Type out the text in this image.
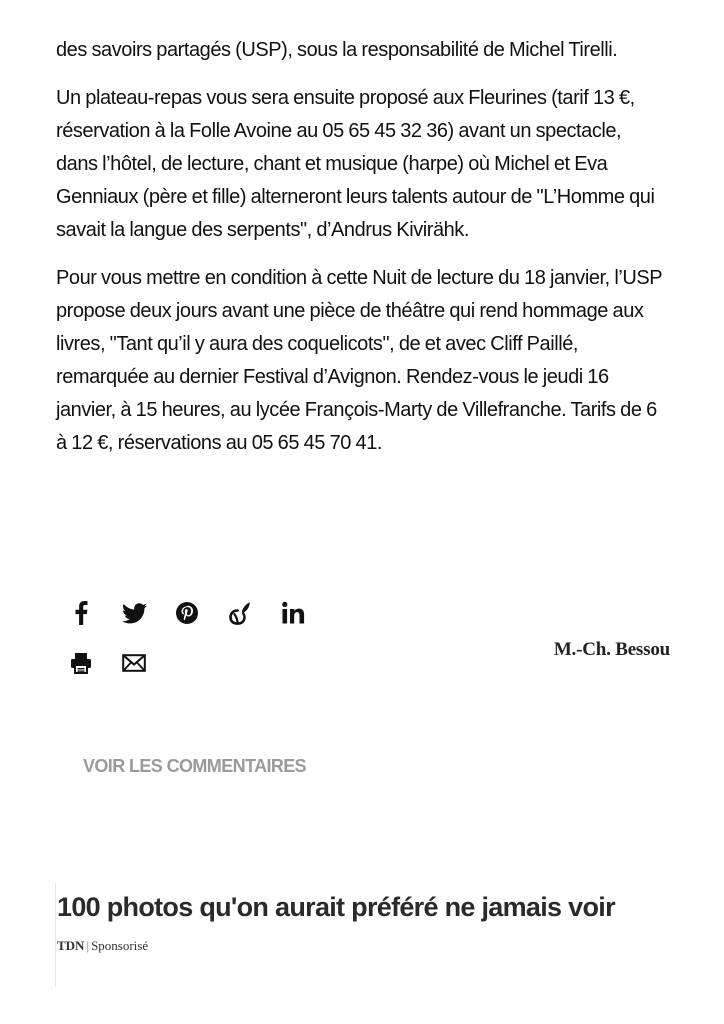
des savoirs partagés (USP), sous la responsabilité de Michel Tirelli.

Un plateau-repas vous sera ensuite proposé aux Fleurines (tarif 13 €, réservation à la Folle Avoine au 05 65 45 32 36) avant un spectacle, dans l’hôtel, de lecture, chant et musique (harpe) où Michel et Eva Genniaux (père et fille) alterneront leurs talents autour de "L’Homme qui savait la langue des serpents", d’Andrus Kivirähk.

Pour vous mettre en condition à cette Nuit de lecture du 18 janvier, l’USP propose deux jours avant une pièce de théâtre qui rend hommage aux livres, "Tant qu’il y aura des coquelicots", de et avec Cliff Paillé, remarquée au dernier Festival d’Avignon. Rendez-vous le jeudi 16 janvier, à 15 heures, au lycée François-Marty de Villefranche. Tarifs de 6 à 12 €, réservations au 05 65 45 70 41.

M.-Ch. Bessou
VOIR LES COMMENTAIRES
100 photos qu'on aurait préféré ne jamais voir
TDN | Sponsorisé
